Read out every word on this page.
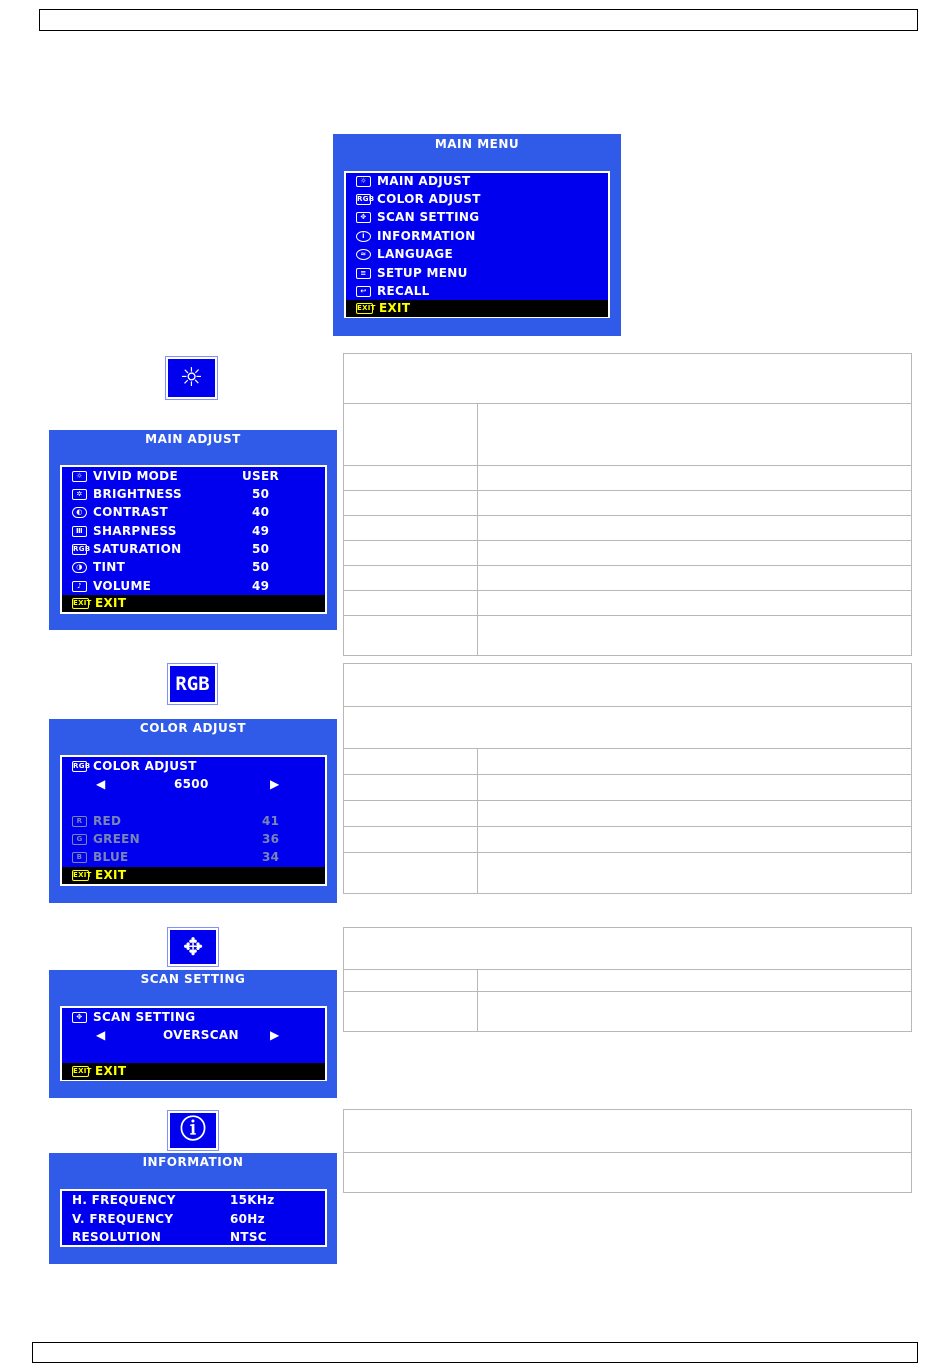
MAIN MENU
☼ MAIN ADJUST
RGB COLOR ADJUST
✥ SCAN SETTING
i INFORMATION
≈ LANGUAGE
≡ SETUP MENU
↩ RECALL
EXIT EXIT
☼
MAIN ADJUST
☼ VIVID MODE	USER
✲ BRIGHTNESS	50
◐ CONTRAST	40
Ⅲ SHARPNESS	49
RGB SATURATION	50
◑ TINT	50
♪ VOLUME	49
EXIT EXIT
RGB
COLOR ADJUST
RGB COLOR ADJUST
◀	6500	▶
R RED	41
G GREEN	36
B BLUE	34
EXIT EXIT
✥
SCAN SETTING
✥ SCAN SETTING
◀	OVERSCAN	▶
EXIT EXIT
ⓘ
INFORMATION
H. FREQUENCY	15KHz
V. FREQUENCY	60Hz
RESOLUTION	NTSC
